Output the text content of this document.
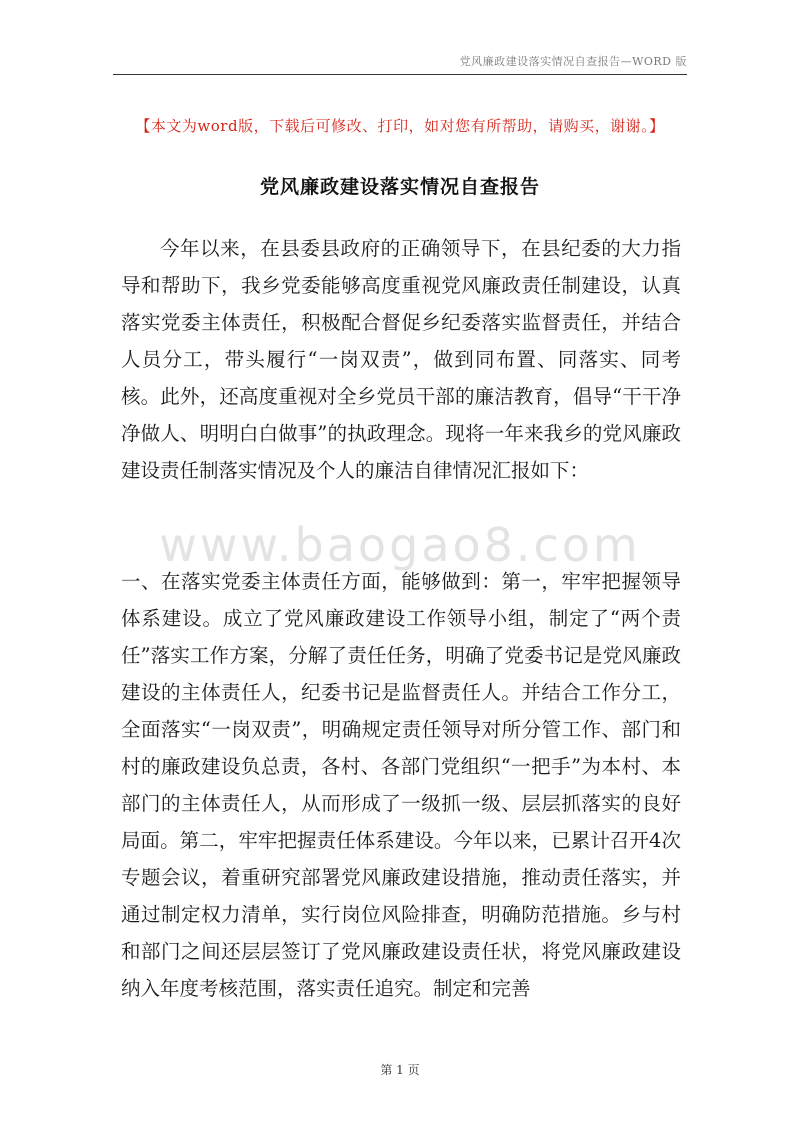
党风廉政建设落实情况自查报告—WORD 版
【本文为word版，下载后可修改、打印，如对您有所帮助，请购买，谢谢。】
党风廉政建设落实情况自查报告

今年以来，在县委县政府的正确领导下，在县纪委的大力指导和帮助下，我乡党委能够高度重视党风廉政责任制建设，认真落实党委主体责任，积极配合督促乡纪委落实监督责任，并结合人员分工，带头履行“一岗双责”，做到同布置、同落实、同考核。此外，还高度重视对全乡党员干部的廉洁教育，倡导“干干净净做人、明明白白做事”的执政理念。现将一年来我乡的党风廉政建设责任制落实情况及个人的廉洁自律情况汇报如下：

www.baogao8.com

一、在落实党委主体责任方面，能够做到：第一，牢牢把握领导体系建设。成立了党风廉政建设工作领导小组，制定了“两个责任”落实工作方案，分解了责任任务，明确了党委书记是党风廉政建设的主体责任人，纪委书记是监督责任人。并结合工作分工，全面落实“一岗双责”，明确规定责任领导对所分管工作、部门和村的廉政建设负总责，各村、各部门党组织“一把手”为本村、本部门的主体责任人，从而形成了一级抓一级、层层抓落实的良好局面。第二，牢牢把握责任体系建设。今年以来，已累计召开4次专题会议，着重研究部署党风廉政建设措施，推动责任落实，并通过制定权力清单，实行岗位风险排查，明确防范措施。乡与村和部门之间还层层签订了党风廉政建设责任状，将党风廉政建设纳入年度考核范围，落实责任追究。制定和完善

第 1 页
